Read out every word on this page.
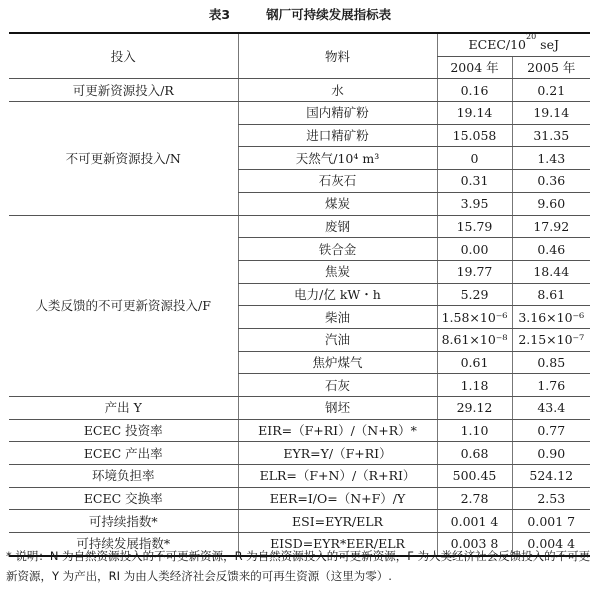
表3	钢厂可持续发展指标表
投入	物料	ECEC/$10^{20}$ seJ	
		2004 年	2005 年
可更新资源投入/R	水	0.16	0.21
不可更新资源投入/N	国内精矿粉	19.14	19.14
	进口精矿粉	15.058	31.35
	天然气/10⁴ m³	0	1.43
	石灰石	0.31	0.36
	煤炭	3.95	9.60
人类反馈的不可更新资源投入/F	废钢	15.79	17.92
	铁合金	0.00	0.46
	焦炭	19.77	18.44
	电力/亿 kW・h	5.29	8.61
	柴油	1.58×10⁻⁶	3.16×10⁻⁶
	汽油	8.61×10⁻⁸	2.15×10⁻⁷
	焦炉煤气	0.61	0.85
	石灰	1.18	1.76
产出 Y	钢坯	29.12	43.4
ECEC 投资率	EIR=（F+RI）/（N+R）*	1.10	0.77
ECEC 产出率	EYR=Y/（F+RI）	0.68	0.90
环境负担率	ELR=（F+N）/（R+RI）	500.45	524.12
ECEC 交换率	EER=I/O=（N+F）/Y	2.78	2.53
可持续指数*	ESI=EYR/ELR	0.001 4	0.001 7
可持续发展指数*	EISD=EYR*EER/ELR	0.003 8	0.004 4
* 说明：N 为自然资源投入的不可更新资源，R 为自然资源投入的可更新资源，F 为人类经济社会反馈投入的不可更新资源，Y 为产出，RI 为由人类经济社会反馈来的可再生资源（这里为零）.
